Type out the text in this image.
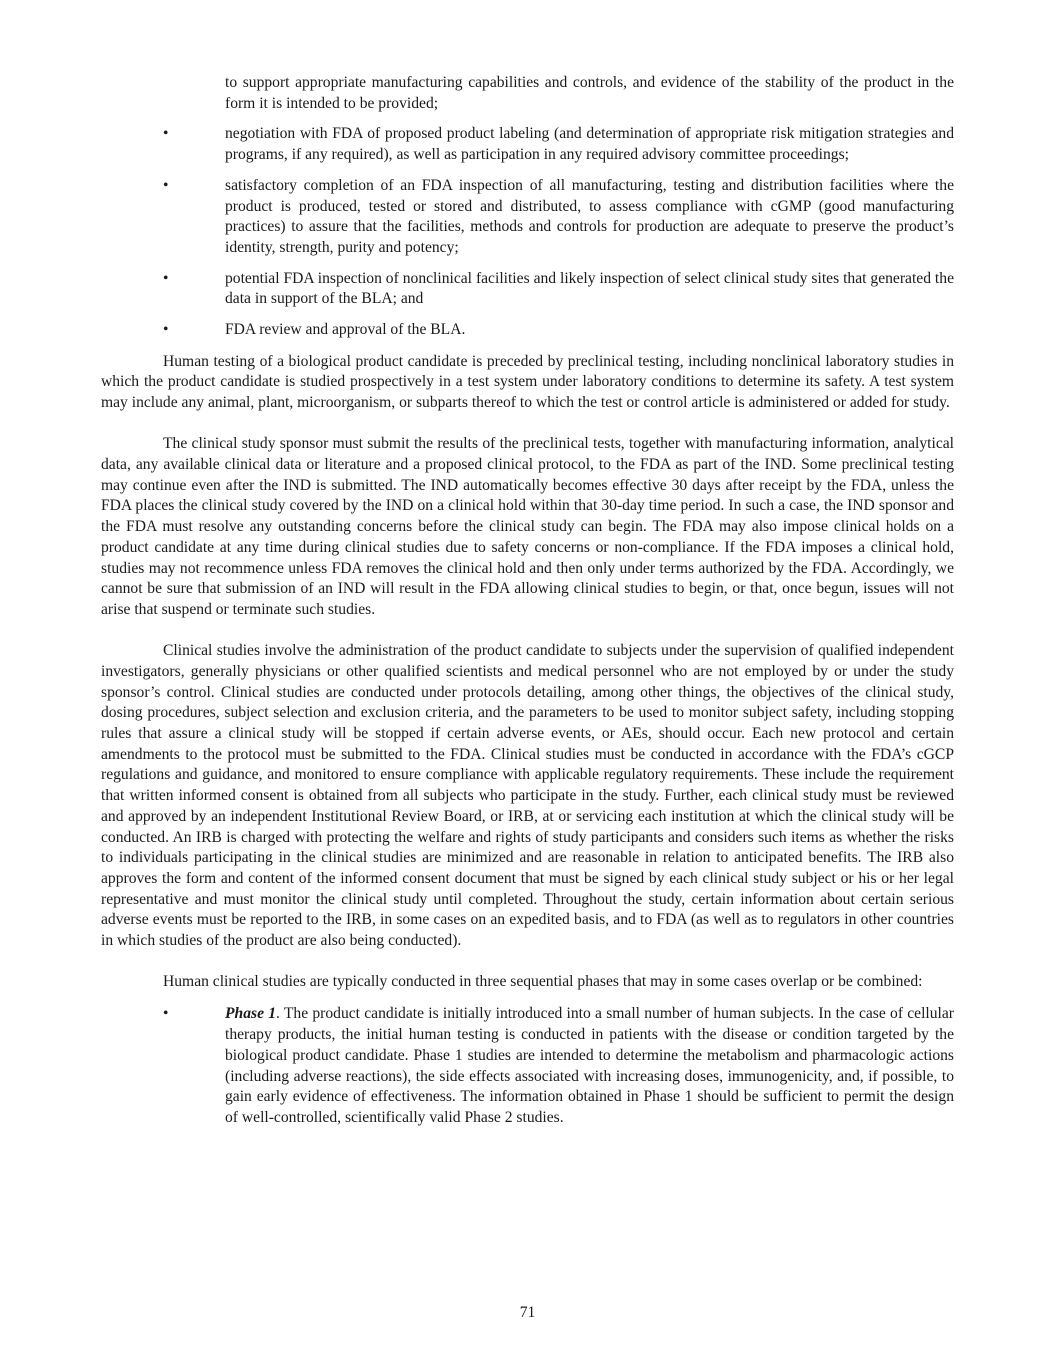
to support appropriate manufacturing capabilities and controls, and evidence of the stability of the product in the form it is intended to be provided;
•	negotiation with FDA of proposed product labeling (and determination of appropriate risk mitigation strategies and programs, if any required), as well as participation in any required advisory committee proceedings;
•	satisfactory completion of an FDA inspection of all manufacturing, testing and distribution facilities where the product is produced, tested or stored and distributed, to assess compliance with cGMP (good manufacturing practices) to assure that the facilities, methods and controls for production are adequate to preserve the product’s identity, strength, purity and potency;
•	potential FDA inspection of nonclinical facilities and likely inspection of select clinical study sites that generated the data in support of the BLA; and
•	FDA review and approval of the BLA.

Human testing of a biological product candidate is preceded by preclinical testing, including nonclinical laboratory studies in which the product candidate is studied prospectively in a test system under laboratory conditions to determine its safety. A test system may include any animal, plant, microorganism, or subparts thereof to which the test or control article is administered or added for study.

The clinical study sponsor must submit the results of the preclinical tests, together with manufacturing information, analytical data, any available clinical data or literature and a proposed clinical protocol, to the FDA as part of the IND. Some preclinical testing may continue even after the IND is submitted. The IND automatically becomes effective 30 days after receipt by the FDA, unless the FDA places the clinical study covered by the IND on a clinical hold within that 30-day time period. In such a case, the IND sponsor and the FDA must resolve any outstanding concerns before the clinical study can begin. The FDA may also impose clinical holds on a product candidate at any time during clinical studies due to safety concerns or non-compliance. If the FDA imposes a clinical hold, studies may not recommence unless FDA removes the clinical hold and then only under terms authorized by the FDA. Accordingly, we cannot be sure that submission of an IND will result in the FDA allowing clinical studies to begin, or that, once begun, issues will not arise that suspend or terminate such studies.

Clinical studies involve the administration of the product candidate to subjects under the supervision of qualified independent investigators, generally physicians or other qualified scientists and medical personnel who are not employed by or under the study sponsor’s control. Clinical studies are conducted under protocols detailing, among other things, the objectives of the clinical study, dosing procedures, subject selection and exclusion criteria, and the parameters to be used to monitor subject safety, including stopping rules that assure a clinical study will be stopped if certain adverse events, or AEs, should occur. Each new protocol and certain amendments to the protocol must be submitted to the FDA. Clinical studies must be conducted in accordance with the FDA’s cGCP regulations and guidance, and monitored to ensure compliance with applicable regulatory requirements. These include the requirement that written informed consent is obtained from all subjects who participate in the study. Further, each clinical study must be reviewed and approved by an independent Institutional Review Board, or IRB, at or servicing each institution at which the clinical study will be conducted. An IRB is charged with protecting the welfare and rights of study participants and considers such items as whether the risks to individuals participating in the clinical studies are minimized and are reasonable in relation to anticipated benefits. The IRB also approves the form and content of the informed consent document that must be signed by each clinical study subject or his or her legal representative and must monitor the clinical study until completed. Throughout the study, certain information about certain serious adverse events must be reported to the IRB, in some cases on an expedited basis, and to FDA (as well as to regulators in other countries in which studies of the product are also being conducted).

Human clinical studies are typically conducted in three sequential phases that may in some cases overlap or be combined:

•	Phase 1. The product candidate is initially introduced into a small number of human subjects. In the case of cellular therapy products, the initial human testing is conducted in patients with the disease or condition targeted by the biological product candidate. Phase 1 studies are intended to determine the metabolism and pharmacologic actions (including adverse reactions), the side effects associated with increasing doses, immunogenicity, and, if possible, to gain early evidence of effectiveness. The information obtained in Phase 1 should be sufficient to permit the design of well-controlled, scientifically valid Phase 2 studies.
71
